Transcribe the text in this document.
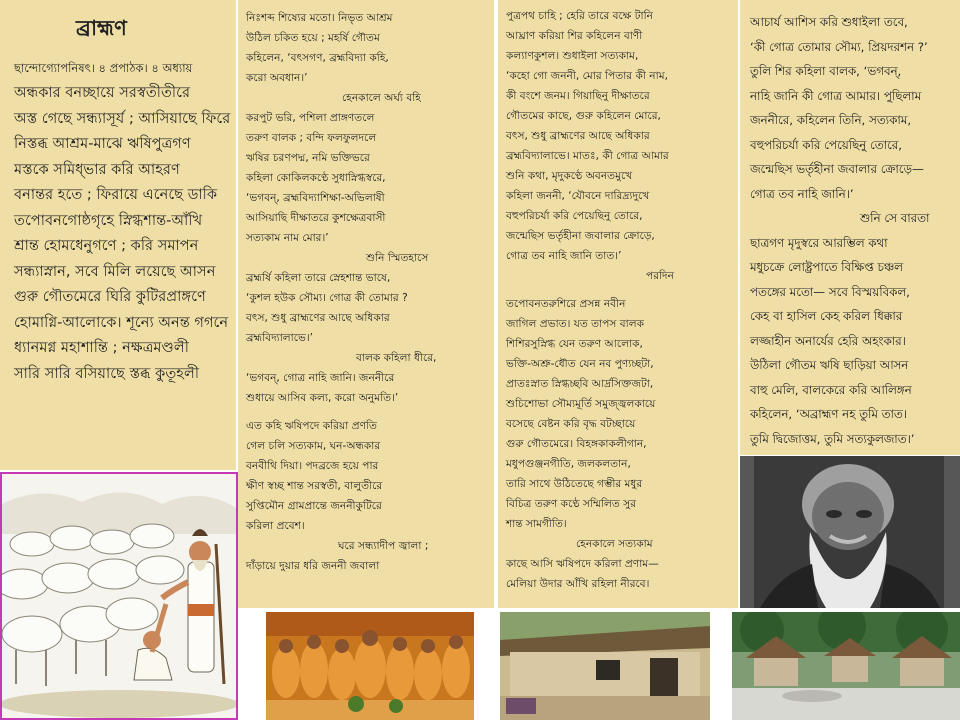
ব্রাহ্মণ
ছান্দোগ্যোপনিষৎ। ৪ প্রপাঠক। ৪ অধ্যায়
অন্ধকার বনচ্ছায়ে সরস্বতীতীরে
অস্ত গেছে সন্ধ্যাসূর্য ; আসিয়াছে ফিরে
নিস্তব্ধ আশ্রম-মাঝে ঋষিপুত্রগণ
মস্তকে সমিধ্‌ভার করি আহরণ
বনান্তর হতে ; ফিরায়ে এনেছে ডাকি
তপোবনগোষ্ঠগৃহে স্নিগ্ধশান্ত-আঁখি
শ্রান্ত হোমধেনুগণে ; করি সমাপন
সন্ধ্যাস্নান, সবে মিলি লয়েছে আসন
গুরু গৌতমেরে ঘিরি কুটিরপ্রাঙ্গণে
হোমাগ্নি-আলোকে। শূন্যে অনন্ত গগনে
ধ্যানমগ্ন মহাশান্তি ; নক্ষত্রমণ্ডলী
সারি সারি বসিয়াছে স্তব্ধ কুতূহলী
নিঃশব্দ শিষ্যের মতো। নিভৃত আশ্রম
উঠিল চকিত হয়ে ; মহর্ষি গৌতম
কহিলেন, ‘বৎসগণ, ব্রহ্মবিদ্যা কহি,
করো অবধান।’
হেনকালে অর্ঘ্য বহি
করপুট ভরি, পশিলা প্রাঙ্গণতলে
তরুণ বালক ; বন্দি ফলফুলদলে
ঋষির চরণপদ্ম, নমি ভক্তিভরে
কহিলা কোকিলকণ্ঠে সুধাস্নিগ্ধস্বরে,
‘ভগবন্‌, ব্রহ্মবিদ্যাশিক্ষা-অভিলাষী
আসিয়াছি দীক্ষাতরে কুশক্ষেত্রবাসী
সত্যকাম নাম মোর।’
শুনি স্মিতহাসে
ব্রহ্মর্ষি কহিলা তারে স্নেহশান্ত ভাষে,
‘কুশল হউক সৌম্য। গোত্র কী তোমার ?
বৎস, শুধু ব্রাহ্মণের আছে অধিকার
ব্রহ্মবিদ্যালাভে।’
বালক কহিলা ধীরে,
‘ভগবন্‌, গোত্র নাহি জানি। জননীরে
শুধায়ে আসিব কল্য, করো অনুমতি।’
এত কহি ঋষিপদে করিয়া প্রণতি
গেল চলি সত্যকাম, ঘন-অন্ধকার
বনবীথি দিয়া। পদব্রজে হয়ে পার
ক্ষীণ স্বচ্ছ শান্ত সরস্বতী, বালুতীরে
সুপ্তিমৌন গ্রামপ্রান্তে জননীকুটিরে
করিলা প্রবেশ।
ঘরে সন্ধ্যাদীপ জ্বালা ;
দাঁড়ায়ে দুয়ার ধরি জননী জবালা
পুত্রপথ চাহি ; হেরি তারে বক্ষে টানি
আঘ্রাণ করিয়া শির কহিলেন বাণী
কল্যাণকুশল। শুধাইলা সত্যকাম,
‘কহো গো জননী, মোর পিতার কী নাম,
কী বংশে জনম। গিয়াছিনু দীক্ষাতরে
গৌতমের কাছে, গুরু কহিলেন মোরে,
বৎস, শুধু ব্রাহ্মণের আছে অধিকার
ব্রহ্মবিদ্যালাভে। মাতঃ, কী গোত্র আমার
শুনি কথা, মৃদুকণ্ঠে অবনতমুখে
কহিলা জননী, ‘যৌবনে দারিদ্র্যদুখে
বহুপরিচর্যা করি পেয়েছিনু তোরে,
জন্মেছিস ভর্তৃহীনা জবালার ক্রোড়ে,
গোত্র তব নাহি জানি তাত।’
পরদিন
তপোবনতরুশিরে প্রসন্ন নবীন
জাগিল প্রভাত। যত তাপস বালক
শিশিরসুস্নিগ্ধ যেন তরুণ আলোক,
ভক্তি-অশ্রু-ধৌত যেন নব পুণ্যচ্ছটা,
প্রাতঃস্নাত স্নিগ্ধচ্ছবি আর্দ্রসিক্তজটা,
শুচিশোভা সৌম্যমূর্তি সমুজ্জ্বলকায়ে
বসেছে বেষ্টন করি বৃদ্ধ বটচ্ছায়ে
গুরু গৌতমেরে। বিহঙ্গকাকলীগান,
মধুপগুঞ্জনগীতি, জলকলতান,
তারি সাথে উঠিতেছে গম্ভীর মধুর
বিচিত্র তরুণ কণ্ঠে সম্মিলিত সুর
শান্ত সামগীতি।
হেনকালে সত্যকাম
কাছে আসি ঋষিপদে করিলা প্রণাম—
মেলিয়া উদার আঁখি রহিলা নীরবে।
আচার্য আশিস করি শুধাইলা তবে,
‘কী গোত্র তোমার সৌম্য, প্রিয়দরশন ?’
তুলি শির কহিলা বালক, ‘ভগবন্‌,
নাহি জানি কী গোত্র আমার। পুছিলাম
জননীরে, কহিলেন তিনি, সত্যকাম,
বহুপরিচর্যা করি পেয়েছিনু তোরে,
জন্মেছিস ভর্তৃহীনা জবালার ক্রোড়ে—
গোত্র তব নাহি জানি।’
শুনি সে বারতা
ছাত্রগণ মৃদুস্বরে আরম্ভিল কথা
মধুচক্রে লোষ্ট্রপাতে বিক্ষিপ্ত চঞ্চল
পতঙ্গের মতো— সবে বিস্ময়বিকল,
কেহ বা হাসিল কেহ করিল ধিক্কার
লজ্জাহীন অনার্যের হেরি অহংকার।
উঠিলা গৌতম ঋষি ছাড়িয়া আসন
বাহু মেলি, বালকেরে করি আলিঙ্গন
কহিলেন, ‘অব্রাহ্মণ নহ তুমি তাত।
তুমি দ্বিজোত্তম, তুমি সত্যকুলজাত।’
